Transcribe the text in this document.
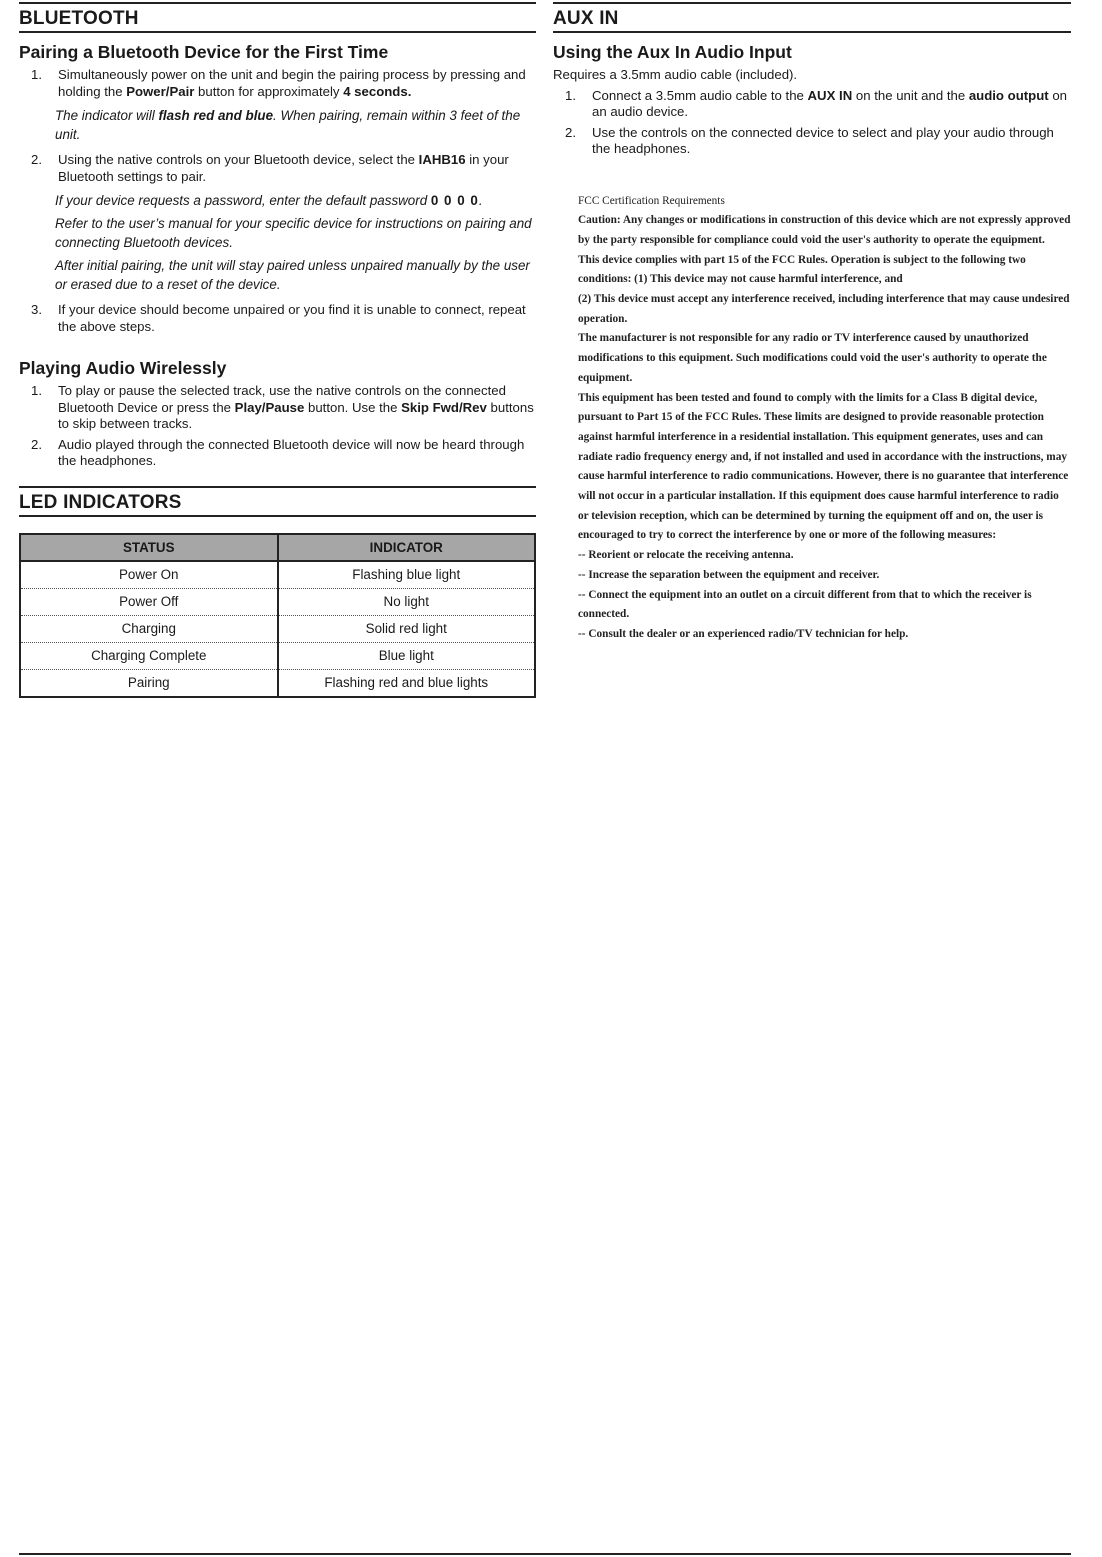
BLUETOOTH
Pairing a Bluetooth Device for the First Time
1.	Simultaneously power on the unit and begin the pairing process by pressing and holding the Power/Pair button for approximately 4 seconds.
The indicator will flash red and blue. When pairing, remain within 3 feet of the unit.
2.	Using the native controls on your Bluetooth device, select the IAHB16 in your Bluetooth settings to pair.
If your device requests a password, enter the default password 0 0 0 0.
Refer to the user’s manual for your specific device for instructions on pairing and connecting Bluetooth devices.
After initial pairing, the unit will stay paired unless unpaired manually by the user or erased due to a reset of the device.
3.	If your device should become unpaired or you find it is unable to connect, repeat the above steps.
Playing Audio Wirelessly
1.	To play or pause the selected track, use the native controls on the connected Bluetooth Device or press the Play/Pause button. Use the Skip Fwd/Rev buttons to skip between tracks.
2.	Audio played through the connected Bluetooth device will now be heard through the headphones.
LED INDICATORS
STATUS	INDICATOR
Power On	Flashing blue light
Power Off	No light
Charging	Solid red light
Charging Complete	Blue light
Pairing	Flashing red and blue lights
AUX IN
Using the Aux In Audio Input
Requires a 3.5mm audio cable (included).
1.	Connect a 3.5mm audio cable to the AUX IN on the unit and the audio output on an audio device.
2.	Use the controls on the connected device to select and play your audio through the headphones.

FCC Certification Requirements

Caution: Any changes or modifications in construction of this device which are not expressly approved by the party responsible for compliance could void the user's authority to operate the equipment.

This device complies with part 15 of the FCC Rules. Operation is subject to the following two conditions: (1) This device may not cause harmful interference, and

(2) This device must accept any interference received, including interference that may cause undesired operation.

The manufacturer is not responsible for any radio or TV interference caused by unauthorized modifications to this equipment. Such modifications could void the user's authority to operate the equipment.

This equipment has been tested and found to comply with the limits for a Class B digital device, pursuant to Part 15 of the FCC Rules. These limits are designed to provide reasonable protection against harmful interference in a residential installation. This equipment generates, uses and can radiate radio frequency energy and, if not installed and used in accordance with the instructions, may cause harmful interference to radio communications. However, there is no guarantee that interference will not occur in a particular installation. If this equipment does cause harmful interference to radio or television reception, which can be determined by turning the equipment off and on, the user is encouraged to try to correct the interference by one or more of the following measures:

-- Reorient or relocate the receiving antenna.

-- Increase the separation between the equipment and receiver.

-- Connect the equipment into an outlet on a circuit different from that to which the receiver is connected.

-- Consult the dealer or an experienced radio/TV technician for help.
